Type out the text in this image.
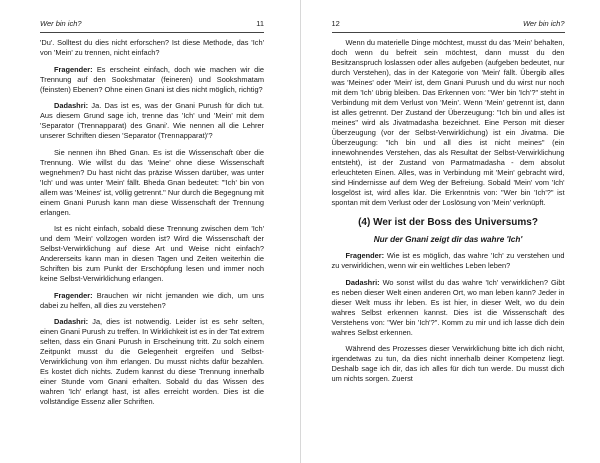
Wer bin ich?	11

'Du'. Solltest du dies nicht erforschen? Ist diese Methode, das 'Ich' von 'Mein' zu trennen, nicht einfach?

Fragender: Es erscheint einfach, doch wie machen wir die Trennung auf den Sookshmatar (feineren) und Sookshmatam (feinsten) Ebenen? Ohne einen Gnani ist dies nicht möglich, richtig?

Dadashri: Ja. Das ist es, was der Gnani Purush für dich tut. Aus diesem Grund sage ich, trenne das 'Ich' und 'Mein' mit dem 'Separator (Trennapparat) des Gnani'. Wie nennen all die Lehrer unserer Schriften diesen 'Separator (Trennapparat)'?

Sie nennen ihn Bhed Gnan. Es ist die Wissenschaft über die Trennung. Wie willst du das 'Meine' ohne diese Wissenschaft wegnehmen? Du hast nicht das präzise Wissen darüber, was unter 'Ich' und was unter 'Mein' fällt. Bheda Gnan bedeutet: "'Ich' bin von allem was 'Meines' ist, völlig getrennt." Nur durch die Begegnung mit einem Gnani Purush kann man diese Wissenschaft der Trennung erlangen.

Ist es nicht einfach, sobald diese Trennung zwischen dem 'Ich' und dem 'Mein' vollzogen worden ist? Wird die Wissenschaft der Selbst-Verwirklichung auf diese Art und Weise nicht einfach? Andererseits kann man in diesen Tagen und Zeiten weiterhin die Schriften bis zum Punkt der Erschöpfung lesen und immer noch keine Selbst-Verwirklichung erlangen.

Fragender: Brauchen wir nicht jemanden wie dich, um uns dabei zu helfen, all dies zu verstehen?

Dadashri: Ja, dies ist notwendig. Leider ist es sehr selten, einen Gnani Purush zu treffen. In Wirklichkeit ist es in der Tat extrem selten, dass ein Gnani Purush in Erscheinung tritt. Zu solch einem Zeitpunkt musst du die Gelegenheit ergreifen und Selbst-Verwirklichung von ihm erlangen. Du musst nichts dafür bezahlen. Es kostet dich nichts. Zudem kannst du diese Trennung innerhalb einer Stunde vom Gnani erhalten. Sobald du das Wissen des wahren 'Ich' erlangt hast, ist alles erreicht worden. Dies ist die vollständige Essenz aller Schriften.

12	Wer bin ich?

Wenn du materielle Dinge möchtest, musst du das 'Mein' behalten, doch wenn du befreit sein möchtest, dann musst du den Besitzanspruch loslassen oder alles aufgeben (aufgeben bedeutet, nur durch Verstehen), das in der Kategorie von 'Mein' fällt. Übergib alles was 'Meines' oder 'Mein' ist, dem Gnani Purush und du wirst nur noch mit dem 'Ich' übrig bleiben. Das Erkennen von: "Wer bin 'Ich'?" steht in Verbindung mit dem Verlust von 'Mein'. Wenn 'Mein' getrennt ist, dann ist alles getrennt. Der Zustand der Überzeugung: "Ich bin und alles ist meines" wird als Jivatmadasha bezeichnet. Eine Person mit dieser Überzeugung (vor der Selbst-Verwirklichung) ist ein Jivatma. Die Überzeugung: "Ich bin und all dies ist nicht meines" (ein innewohnendes Verstehen, das als Resultat der Selbst-Verwirklichung entsteht), ist der Zustand von Parmatmadasha - dem absolut erleuchteten Einen. Alles, was in Verbindung mit 'Mein' gebracht wird, sind Hindernisse auf dem Weg der Befreiung. Sobald 'Mein' vom 'Ich' losgelöst ist, wird alles klar. Die Erkenntnis von: "Wer bin 'Ich'?" ist spontan mit dem Verlust oder der Loslösung von 'Mein' verknüpft.

(4) Wer ist der Boss des Universums?
Nur der Gnani zeigt dir das wahre 'Ich'

Fragender: Wie ist es möglich, das wahre 'Ich' zu verstehen und zu verwirklichen, wenn wir ein weltliches Leben leben?

Dadashri: Wo sonst willst du das wahre 'Ich' verwirklichen? Gibt es neben dieser Welt einen anderen Ort, wo man leben kann? Jeder in dieser Welt muss ihr leben. Es ist hier, in dieser Welt, wo du dein wahres Selbst erkennen kannst. Dies ist die Wissenschaft des Verstehens von: "Wer bin 'Ich'?". Komm zu mir und ich lasse dich dein wahres Selbst erkennen.

Während des Prozesses dieser Verwirklichung bitte ich dich nicht, irgendetwas zu tun, da dies nicht innerhalb deiner Kompetenz liegt. Deshalb sage ich dir, das ich alles für dich tun werde. Du musst dich um nichts sorgen. Zuerst
